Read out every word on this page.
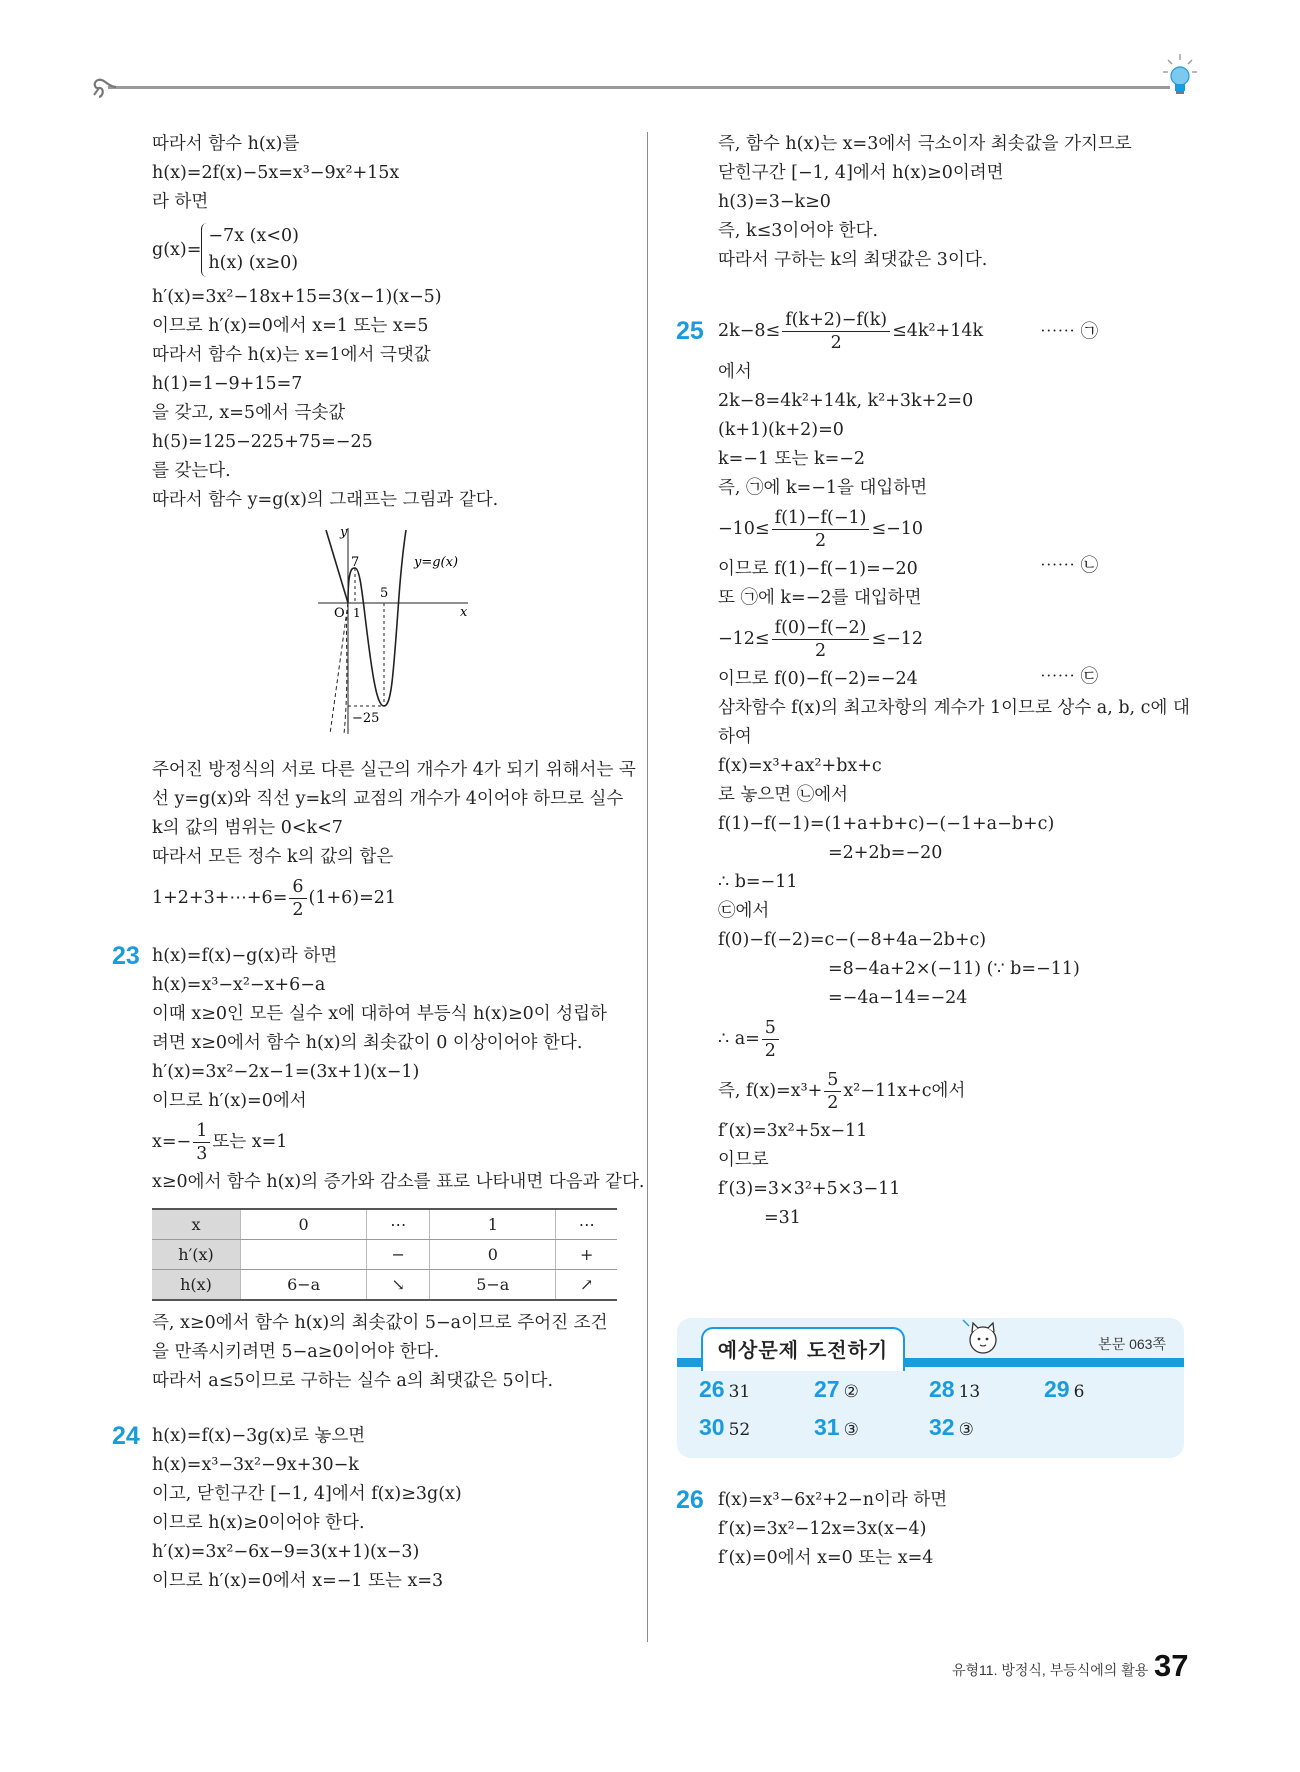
따라서 함수 h(x)를
h(x)=2f(x)−5x=x³−9x²+15x
라 하면
g(x)=
−7x (x<0)
h(x) (x≥0)
h′(x)=3x²−18x+15=3(x−1)(x−5)
이므로 h′(x)=0에서 x=1 또는 x=5
따라서 함수 h(x)는 x=1에서 극댓값
h(1)=1−9+15=7
을 갖고, x=5에서 극솟값
h(5)=125−225+75=−25
를 갖는다.
따라서 함수 y=g(x)의 그래프는 그림과 같다.
y
x
O 1
5
7
−25
y=g(x)
주어진 방정식의 서로 다른 실근의 개수가 4가 되기 위해서는 곡
선 y=g(x)와 직선 y=k의 교점의 개수가 4이어야 하므로 실수
k의 값의 범위는 0<k<7
따라서 모든 정수 k의 값의 합은
1+2+3+⋯+6= $\frac{6}{2} (1+6)=21$
23 h(x)=f(x)−g(x)라 하면
h(x)=x³−x²−x+6−a
이때 x≥0인 모든 실수 x에 대하여 부등식 h(x)≥0이 성립하
려면 x≥0에서 함수 h(x)의 최솟값이 0 이상이어야 한다.
h′(x)=3x²−2x−1=(3x+1)(x−1)
이므로 h′(x)=0에서
$x=- \frac{1}{3}$ 또는 x=1
x≥0에서 함수 h(x)의 증가와 감소를 표로 나타내면 다음과 같다.
x	0	⋯	1	⋯
h′(x)		−	0	+
h(x)	6−a	↘	5−a	↗
즉, x≥0에서 함수 h(x)의 최솟값이 5−a이므로 주어진 조건
을 만족시키려면 5−a≥0이어야 한다.
따라서 a≤5이므로 구하는 실수 a의 최댓값은 5이다.
24 h(x)=f(x)−3g(x)로 놓으면
h(x)=x³−3x²−9x+30−k
이고, 닫힌구간 [−1, 4]에서 f(x)≥3g(x)
이므로 h(x)≥0이어야 한다.
h′(x)=3x²−6x−9=3(x+1)(x−3)
이므로 h′(x)=0에서 x=−1 또는 x=3
즉, 함수 h(x)는 x=3에서 극소이자 최솟값을 가지므로
닫힌구간 [−1, 4]에서 h(x)≥0이려면
h(3)=3−k≥0
즉, k≤3이어야 한다.
따라서 구하는 k의 최댓값은 3이다.
25 $2k-8\le \frac{f(k+2)-f(k)}{2} \le 4k^2+14k$
에서
2k−8=4k²+14k, k²+3k+2=0
(k+1)(k+2)=0
k=−1 또는 k=−2
즉, ㉠에 k=−1을 대입하면
$-10\le \frac{f(1)-f(-1)}{2} \le-10$
이므로 f(1)−f(−1)=−20
또 ㉠에 k=−2를 대입하면
$-12\le \frac{f(0)-f(-2)}{2} \le-12$
이므로 f(0)−f(−2)=−24
삼차함수 f(x)의 최고차항의 계수가 1이므로 상수 a, b, c에 대
하여
f(x)=x³+ax²+bx+c
로 놓으면 ㉡에서
f(1)−f(−1)=(1+a+b+c)−(−1+a−b+c)
=2+2b=−20
∴ b=−11
㉢에서
f(0)−f(−2)=c−(−8+4a−2b+c)
=8−4a+2×(−11) (∵ b=−11)
=−4a−14=−24
∴ $a= \frac{5}{2}$
즉, $f(x)=x^3+ \frac{5}{2} x^2-11x+c$에서
f′(x)=3x²+5x−11
이므로
f′(3)=3×3²+5×3−11
=31
⋯⋯ ㉠
⋯⋯ ㉡
⋯⋯ ㉢
예상문제 도전하기	본문 063쪽
26 31	27 ②	28 13	29 6
30 52	31 ③	32 ③
26 f(x)=x³−6x²+2−n이라 하면
f′(x)=3x²−12x=3x(x−4)
f′(x)=0에서 x=0 또는 x=4
유형11. 방정식, 부등식에의 활용 37
